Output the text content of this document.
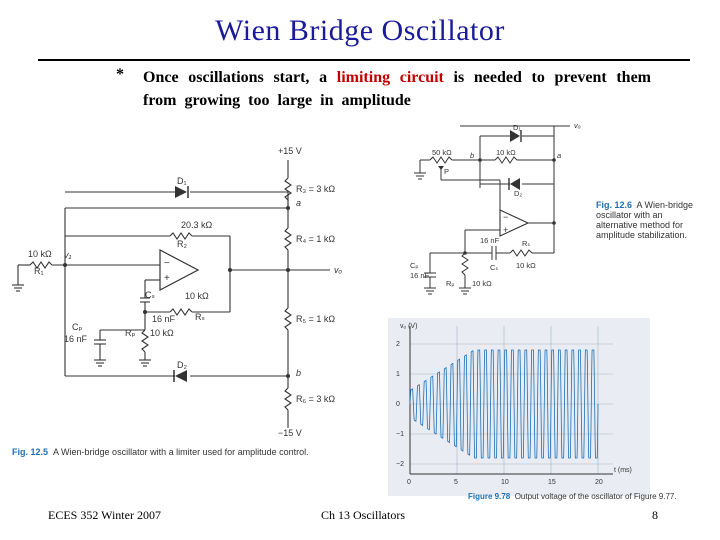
Wien Bridge Oscillator
* Once oscillations start, a limiting circuit is needed to prevent them from growing too large in amplitude
−
+
+15 V
R₃ = 3 kΩ
a
R₄ = 1 kΩ
vₒ
R₅ = 1 kΩ
b
R₆ = 3 kΩ
−15 V
D₁
20.3 kΩ
R₂
10 kΩ
R₁
v₁
Cₛ
16 nF
10 kΩ
Rₛ
Cₚ
16 nF
Rₚ 10 kΩ
D₂
Fig. 12.5 A Wien-bridge oscillator with a limiter used for amplitude control.
−
+
vₒ
D₁
D₂
50 kΩ
P
10 kΩ	a
b
16 nF
Cₛ
Rₛ
10 kΩ
Cₚ
16 nF
Rₚ 10 kΩ
Fig. 12.6 A Wien-bridge oscillator with an alternative method for amplitude stabilization.
2
1
0
−1
−2
0	5	10	15	20
vₒ (V)
t (ms)
Figure 9.78 Output voltage of the oscillator of Figure 9.77.
ECES 352 Winter 2007	Ch 13 Oscillators	8
